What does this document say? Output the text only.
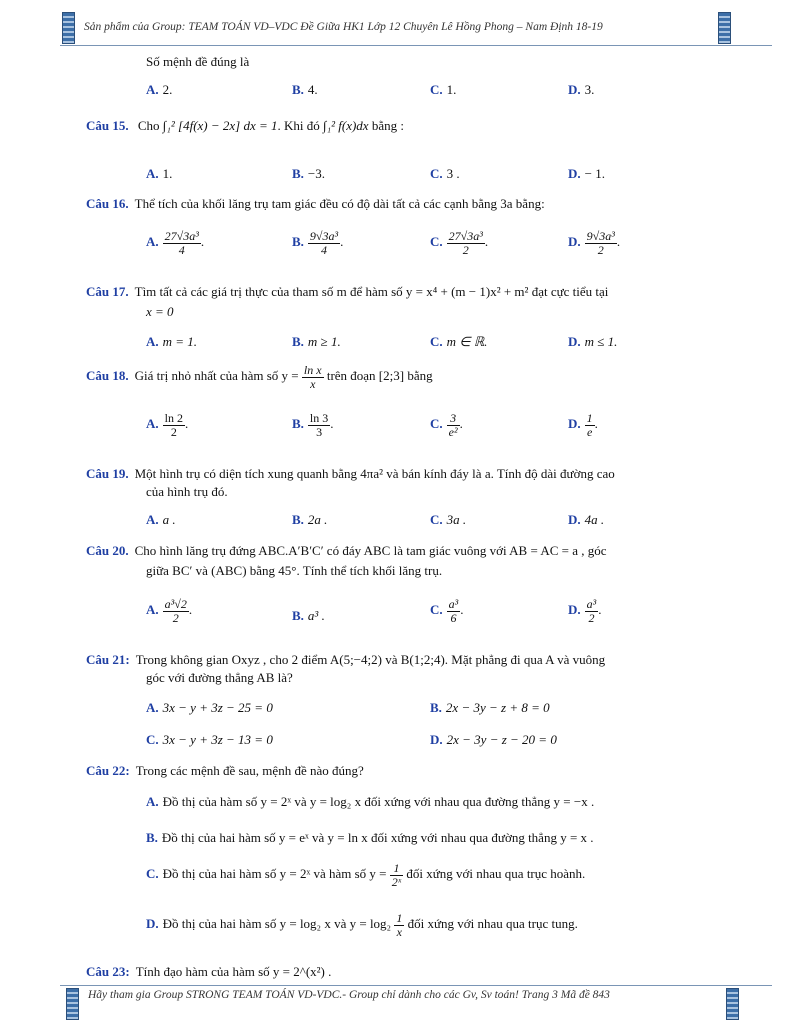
Sản phẩm của Group: TEAM TOÁN VD–VDC Đề Giữa HK1 Lớp 12 Chuyên Lê Hồng Phong – Nam Định 18-19
Số mệnh đề đúng là
A. 2.	B. 4.	C. 1.	D. 3.
Câu 15. Cho ∫₁² [4f(x) − 2x] dx = 1. Khi đó ∫₁² f(x)dx bằng :
A. 1.	B. −3.	C. 3 .	D. − 1.
Câu 16. Thể tích của khối lăng trụ tam giác đều có độ dài tất cả các cạnh bằng 3a bằng:
A. $\frac{\text{27√3a³}}{4}$ .	B. $\frac{\text{9√3a³}}{4}$ .	C. $\frac{\text{27√3a³}}{2}$ .	D. $\frac{\text{9√3a³}}{2}$ .
Câu 17. Tìm tất cả các giá trị thực của tham số m để hàm số y = x⁴ + (m − 1)x² + m² đạt cực tiểu tại
x = 0
A. m = 1.	B. m ≥ 1.	C. m ∈ ℝ.	D. m ≤ 1.
Câu 18. Giá trị nhỏ nhất của hàm số $y = \frac{\text{ln x}}{x}$ trên đoạn [2;3] bằng
A. $\frac{\ln 2}{2}$ .	B. $\frac{\ln 3}{3}$ .	C. $\frac{3}{\text{e²}}$ .	D. $\frac{1}{e}$ .
Câu 19. Một hình trụ có diện tích xung quanh bằng 4πa² và bán kính đáy là a. Tính độ dài đường cao
của hình trụ đó.
A. a .	B. 2a .	C. 3a .	D. 4a .
Câu 20. Cho hình lăng trụ đứng ABC.A′B′C′ có đáy ABC là tam giác vuông với AB = AC = a , góc
giữa BC′ và (ABC) bằng 45°. Tính thể tích khối lăng trụ.
A. $\frac{\text{a³√2}}{2}$ .	B. a³ .	C. $\frac{\text{a³}}{6}$ .	D. $\frac{\text{a³}}{2}$ .
Câu 21: Trong không gian Oxyz , cho 2 điểm A(5;−4;2) và B(1;2;4). Mặt phẳng đi qua A và vuông
góc với đường thẳng AB là?
A. 3x − y + 3z − 25 = 0	B. 2x − 3y − z + 8 = 0
C. 3x − y + 3z − 13 = 0	D. 2x − 3y − z − 20 = 0
Câu 22: Trong các mệnh đề sau, mệnh đề nào đúng?
A. Đồ thị của hàm số y = 2ˣ và y = log₂ x đối xứng với nhau qua đường thẳng y = −x .
B. Đồ thị của hai hàm số y = eˣ và y = ln x đối xứng với nhau qua đường thẳng y = x .
C. Đồ thị của hai hàm số y = 2ˣ và hàm số $y = \frac{1}{\text{2ˣ}}$ đối xứng với nhau qua trục hoành.
D. Đồ thị của hai hàm số y = log₂ x và $y = \log_2 \frac{1}{x}$ đối xứng với nhau qua trục tung.
Câu 23: Tính đạo hàm của hàm số y = 2^(x²) .
Hãy tham gia Group STRONG TEAM TOÁN VD-VDC.- Group chỉ dành cho các Gv, Sv toán! Trang 3 Mã đề 843
